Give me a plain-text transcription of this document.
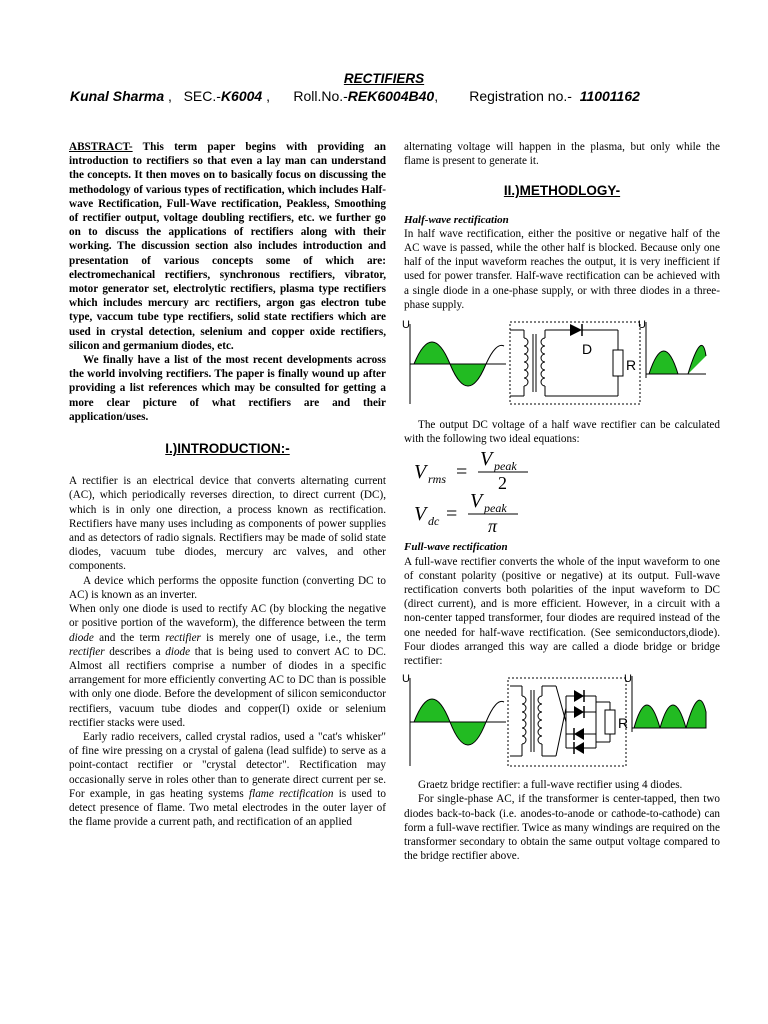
RECTIFIERS
Kunal Sharma ,   SEC.-K6004 ,      Roll.No.-REK6004B40,        Registration no.- 11001162

ABSTRACT- This term paper begins with providing an introduction to rectifiers so that even a lay man can understand the concepts. It then moves on to basically focus on discussing the methodology of various types of rectification, which includes Half-wave Rectification, Full-Wave rectification, Peakless, Smoothing of rectifier output, voltage doubling rectifiers, etc. we further go on to discuss the applications of rectifiers along with their working. The discussion section also includes introduction and presentation of various concepts some of which are: electromechanical rectifiers, synchronous rectifiers, vibrator, motor generator set, electrolytic rectifiers, plasma type rectifiers which includes mercury arc rectifiers, argon gas electron tube type, vaccum tube type rectifiers, solid state rectifiers which are used in crystal detection, selenium and copper oxide rectifiers, silicon and germanium diodes, etc.

We finally have a list of the most recent developments across the world involving rectifiers. The paper is finally wound up after providing a list references which may be consulted for getting a more clear picture of what rectifiers are and their application/uses.

I.)INTRODUCTION:-

A rectifier is an electrical device that converts alternating current (AC), which periodically reverses direction, to direct current (DC), which is in only one direction, a process known as rectification. Rectifiers have many uses including as components of power supplies and as detectors of radio signals. Rectifiers may be made of solid state diodes, vacuum tube diodes, mercury arc valves, and other components.

A device which performs the opposite function (converting DC to AC) is known as an inverter.

When only one diode is used to rectify AC (by blocking the negative or positive portion of the waveform), the difference between the term diode and the term rectifier is merely one of usage, i.e., the term rectifier describes a diode that is being used to convert AC to DC. Almost all rectifiers comprise a number of diodes in a specific arrangement for more efficiently converting AC to DC than is possible with only one diode. Before the development of silicon semiconductor rectifiers, vacuum tube diodes and copper(I) oxide or selenium rectifier stacks were used.

Early radio receivers, called crystal radios, used a "cat's whisker" of fine wire pressing on a crystal of galena (lead sulfide) to serve as a point-contact rectifier or "crystal detector". Rectification may occasionally serve in roles other than to generate direct current per se. For example, in gas heating systems flame rectification is used to detect presence of flame. Two metal electrodes in the outer layer of the flame provide a current path, and rectification of an applied

alternating voltage will happen in the plasma, but only while the flame is present to generate it.

II.)METHODLOGY-
Half-wave rectification

In half wave rectification, either the positive or negative half of the AC wave is passed, while the other half is blocked. Because only one half of the input waveform reaches the output, it is very inefficient if used for power transfer. Half-wave rectification can be achieved with a single diode in a one-phase supply, or with three diodes in a three-phase supply.

U
D
R
U

The output DC voltage of a half wave rectifier can be calculated with the following two ideal equations:

V rms =
V peak
2
V dc =
V peak
π
Full-wave rectification

A full-wave rectifier converts the whole of the input waveform to one of constant polarity (positive or negative) at its output. Full-wave rectification converts both polarities of the input waveform to DC (direct current), and is more efficient. However, in a circuit with a non-center tapped transformer, four diodes are required instead of the one needed for half-wave rectification. (See semiconductors,diode). Four diodes arranged this way are called a diode bridge or bridge rectifier:

U
R
U

Graetz bridge rectifier: a full-wave rectifier using 4 diodes.

For single-phase AC, if the transformer is center-tapped, then two diodes back-to-back (i.e. anodes-to-anode or cathode-to-cathode) can form a full-wave rectifier. Twice as many windings are required on the transformer secondary to obtain the same output voltage compared to the bridge rectifier above.
